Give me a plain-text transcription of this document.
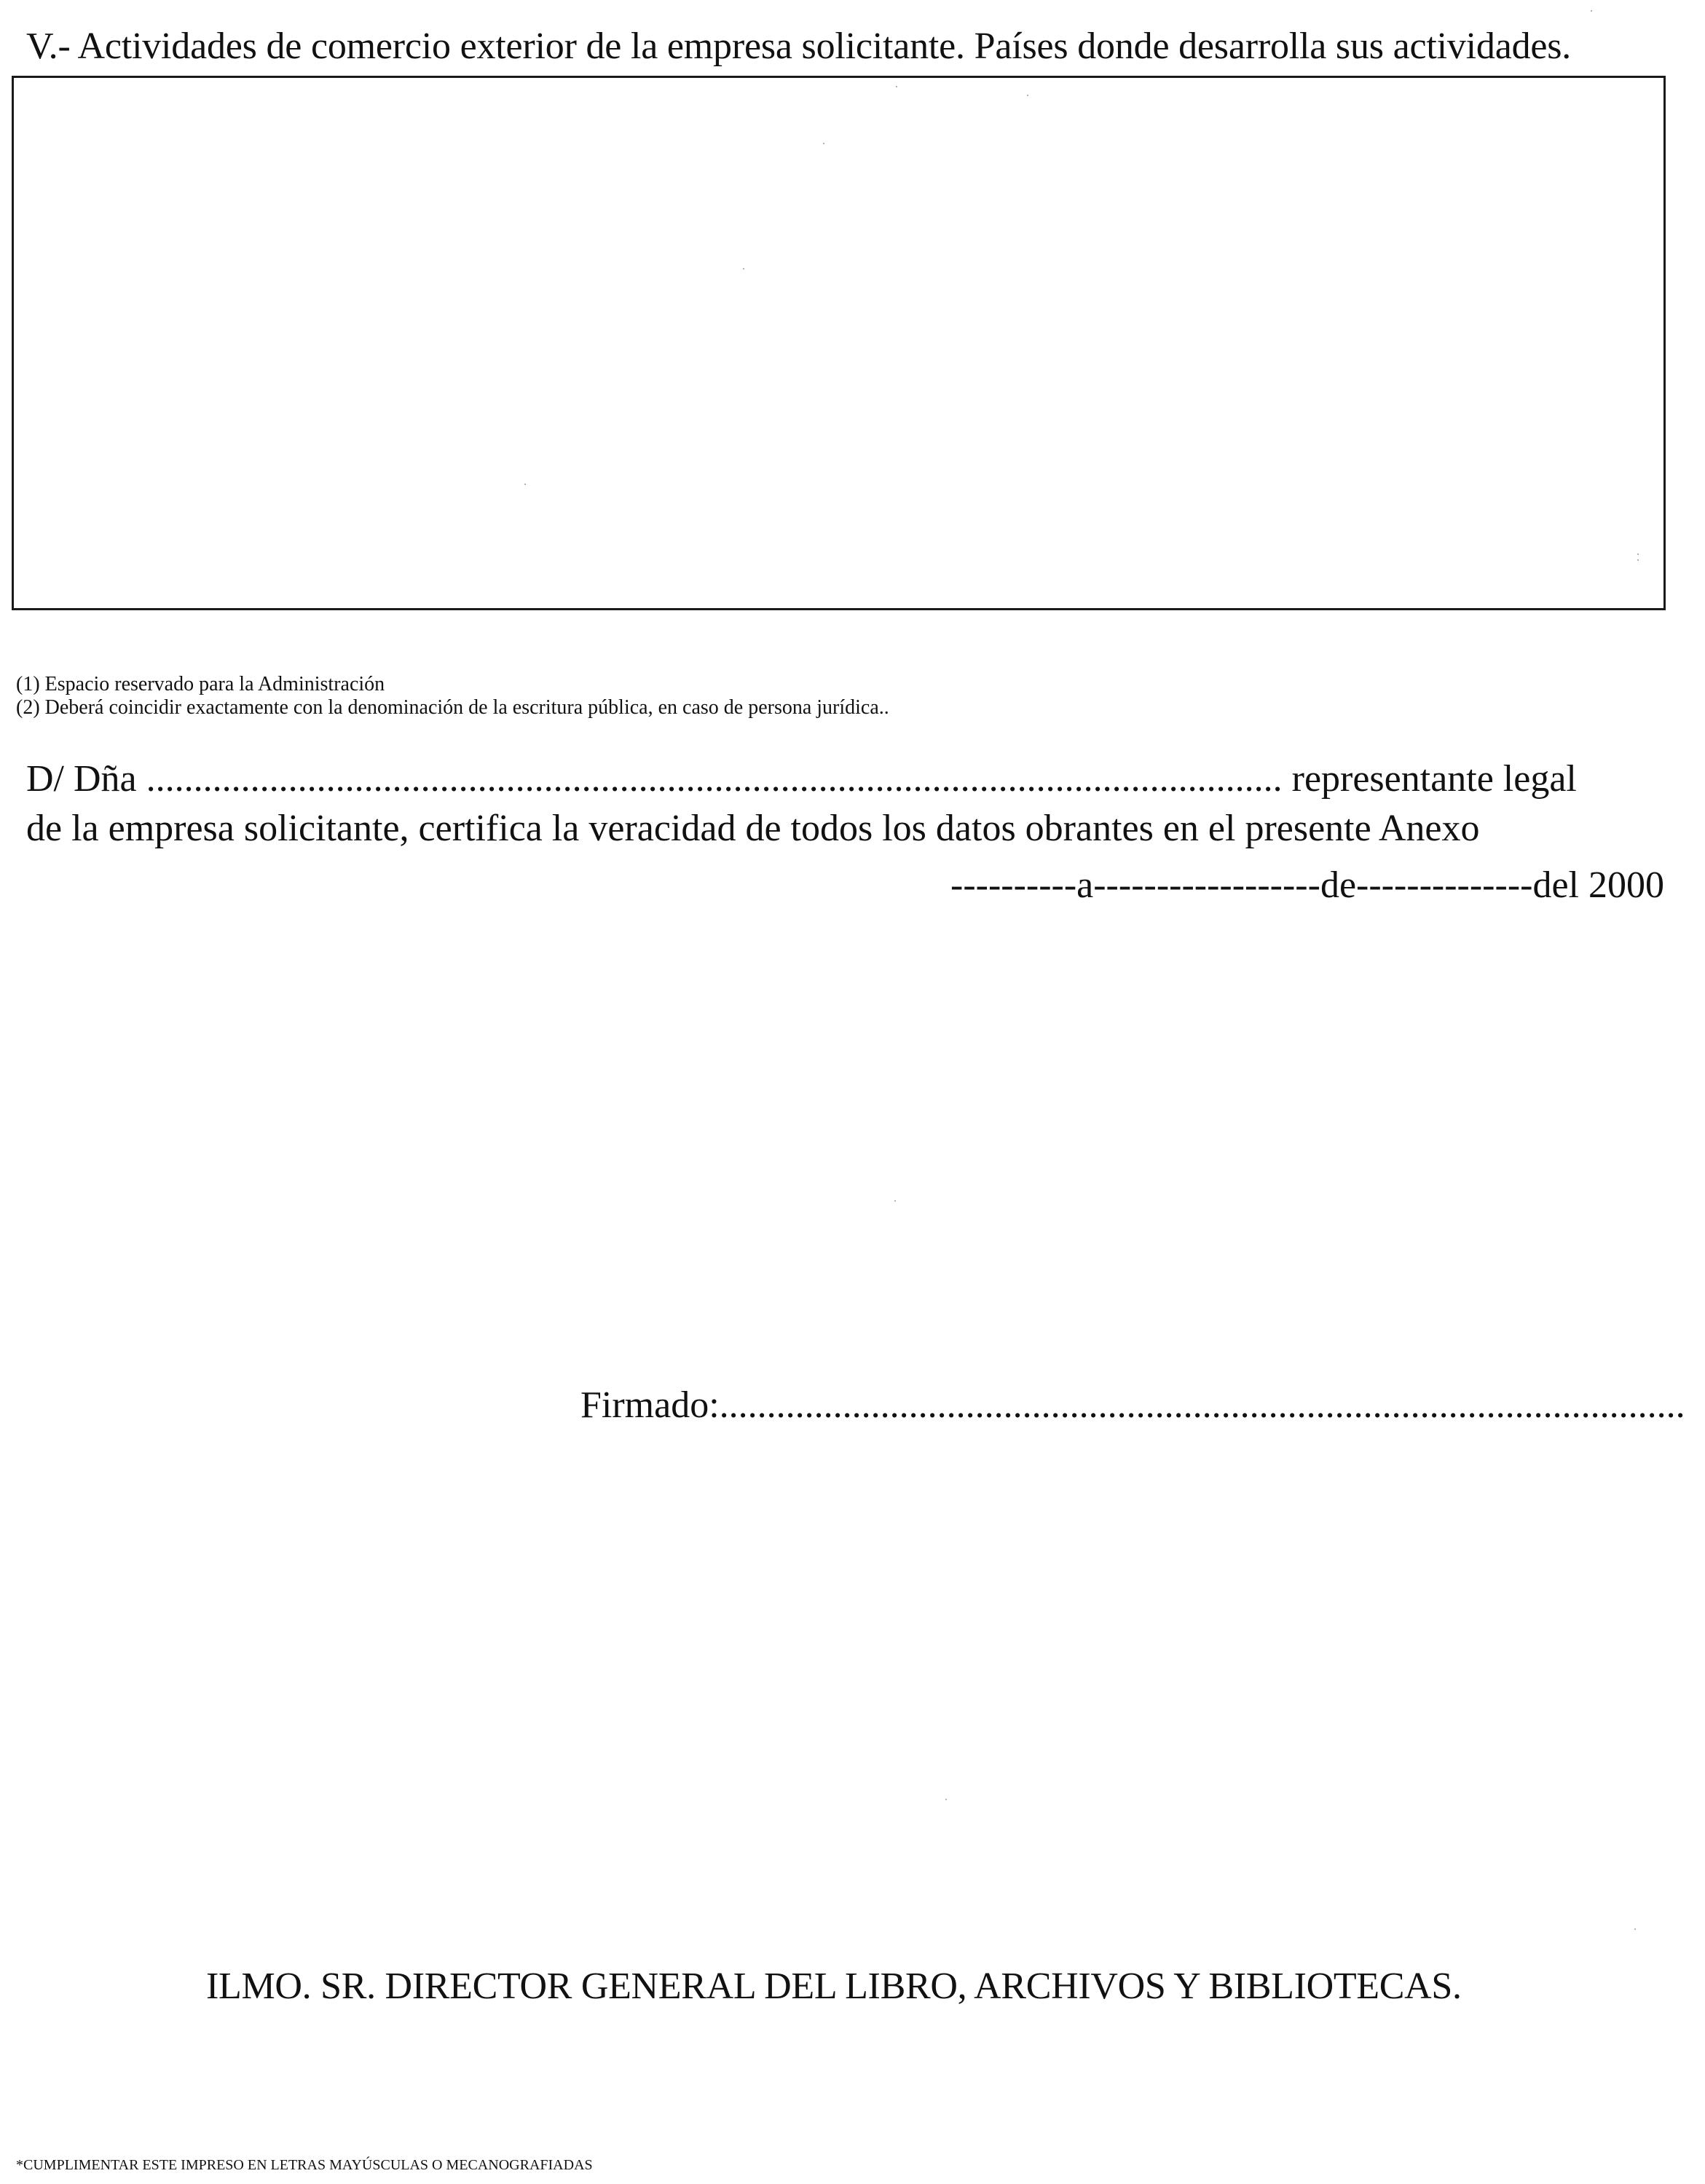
V.- Actividades de comercio exterior de la empresa solicitante. Países donde desarrolla sus actividades.
(1) Espacio reservado para la Administración
(2) Deberá coincidir exactamente con la denominación de la escritura pública, en caso de persona jurídica..
D/ Dña ........................................................................................................................ representante legal
de la empresa solicitante, certifica la veracidad de todos los datos obrantes en el presente Anexo
----------a------------------de--------------del 2000
Firmado:......................................................................................................
ILMO. SR. DIRECTOR GENERAL DEL LIBRO, ARCHIVOS Y BIBLIOTECAS.
*CUMPLIMENTAR ESTE IMPRESO EN LETRAS MAYÚSCULAS O MECANOGRAFIADAS
